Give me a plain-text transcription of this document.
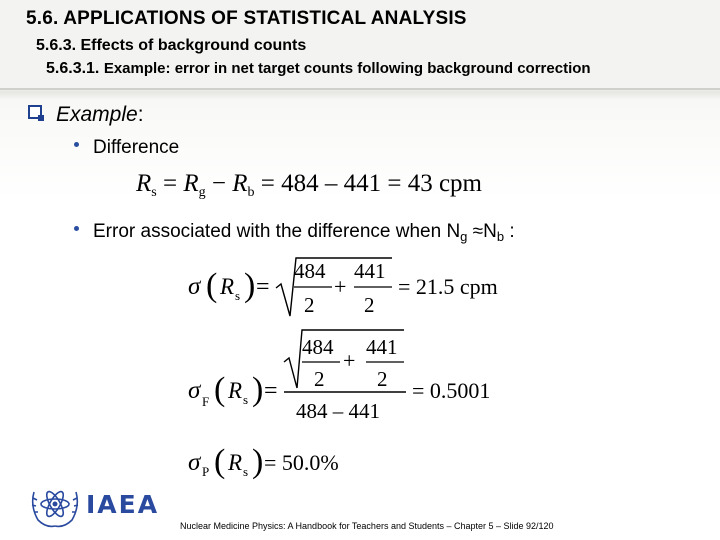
5.6. APPLICATIONS OF STATISTICAL ANALYSIS
5.6.3. Effects of background counts
5.6.3.1. Example: error in net target counts following background correction
Example:
Difference
$R_s = R_g - R_b = 484 - 441 = 43$ cpm
Error associated with the difference when $N_g \approx N_b$ :
σ ( R s ) =
484
2
+
441
2
= 21.5 cpm
σ F ( R s ) =
484
2
+
441
2
484 – 441
= 0.5001
σ P ( R s ) = 50.0%
IAEA
Nuclear Medicine Physics: A Handbook for Teachers and Students – Chapter 5 – Slide 92/120
